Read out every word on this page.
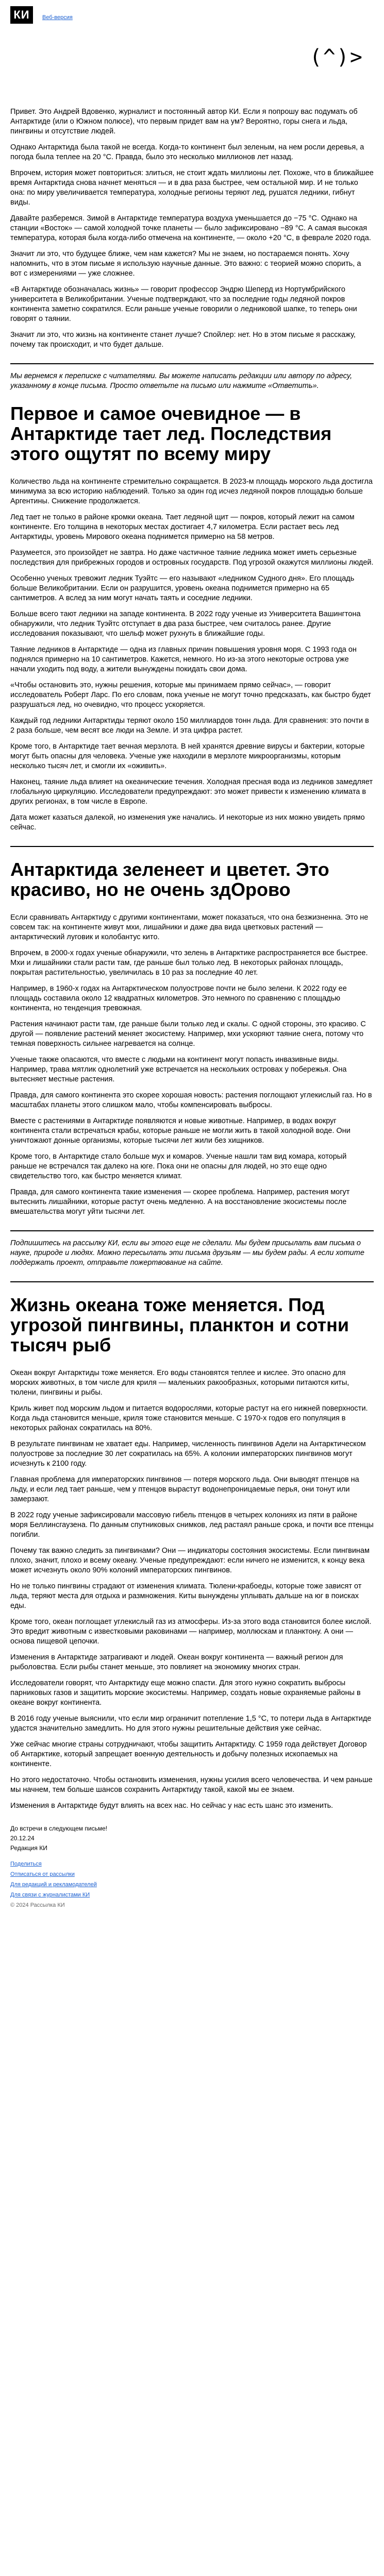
КИ	Веб-версия
(^)>

Привет. Это Андрей Вдовенко, журналист и постоянный автор КИ. Если я попрошу вас подумать об Антарктиде (или о Южном полюсе), что первым придет вам на ум? Вероятно, горы снега и льда, пингвины и отсутствие людей.

Однако Антарктида была такой не всегда. Когда-то континент был зеленым, на нем росли деревья, а погода была теплее на 20 °С. Правда, было это несколько миллионов лет назад.

Впрочем, история может повториться: злиться, не стоит ждать миллионы лет. Похоже, что в ближайшее время Антарктида снова начнет меняться — и в два раза быстрее, чем остальной мир. И не только она: по миру увеличивается температура, холодные регионы теряют лед, рушатся ледники, гибнут виды.

Давайте разберемся. Зимой в Антарктиде температура воздуха уменьшается до −75 °С. Однако на станции «Восток» — самой холодной точке планеты — было зафиксировано −89 °С. А самая высокая температура, которая была когда-либо отмечена на континенте, — около +20 °С, в феврале 2020 года.

Значит ли это, что будущее ближе, чем нам кажется? Мы не знаем, но постараемся понять. Хочу напомнить, что в этом письме я использую научные данные. Это важно: с теорией можно спорить, а вот с измерениями — уже сложнее.

«В Антарктиде обозначалась жизнь» — говорит профессор Эндрю Шеперд из Нортумбрийского университета в Великобритании. Ученые подтверждают, что за последние годы ледяной покров континента заметно сократился. Если раньше ученые говорили о ледниковой шапке, то теперь они говорят о таянии.

Значит ли это, что жизнь на континенте станет лучше? Спойлер: нет. Но в этом письме я расскажу, почему так происходит, и что будет дальше.

Мы вернемся к переписке с читателями. Вы можете написать редакции или автору по адресу, указанному в конце письма. Просто ответьте на письмо или нажмите «Ответить».

Первое и самое очевидное — в Антарктиде тает лед. Последствия этого ощутят по всему миру

Количество льда на континенте стремительно сокращается. В 2023-м площадь морского льда достигла минимума за всю историю наблюдений. Только за один год исчез ледяной покров площадью больше Аргентины. Снижение продолжается.

Лед тает не только в районе кромки океана. Тает ледяной щит — покров, который лежит на самом континенте. Его толщина в некоторых местах достигает 4,7 километра. Если растает весь лед Антарктиды, уровень Мирового океана поднимется примерно на 58 метров.

Разумеется, это произойдет не завтра. Но даже частичное таяние ледника может иметь серьезные последствия для прибрежных городов и островных государств. Под угрозой окажутся миллионы людей.

Особенно ученых тревожит ледник Туэйтс — его называют «ледником Судного дня». Его площадь больше Великобритании. Если он разрушится, уровень океана поднимется примерно на 65 сантиметров. А вслед за ним могут начать таять и соседние ледники.

Больше всего тают ледники на западе континента. В 2022 году ученые из Университета Вашингтона обнаружили, что ледник Туэйтс отступает в два раза быстрее, чем считалось ранее. Другие исследования показывают, что шельф может рухнуть в ближайшие годы.

Таяние ледников в Антарктиде — одна из главных причин повышения уровня моря. С 1993 года он поднялся примерно на 10 сантиметров. Кажется, немного. Но из-за этого некоторые острова уже начали уходить под воду, а жители вынуждены покидать свои дома.

«Чтобы остановить это, нужны решения, которые мы принимаем прямо сейчас», — говорит исследователь Роберт Ларс. По его словам, пока ученые не могут точно предсказать, как быстро будет разрушаться лед, но очевидно, что процесс ускоряется.

Каждый год ледники Антарктиды теряют около 150 миллиардов тонн льда. Для сравнения: это почти в 2 раза больше, чем весят все люди на Земле. И эта цифра растет.

Кроме того, в Антарктиде тает вечная мерзлота. В ней хранятся древние вирусы и бактерии, которые могут быть опасны для человека. Ученые уже находили в мерзлоте микроорганизмы, которым несколько тысяч лет, и смогли их «оживить».

Наконец, таяние льда влияет на океанические течения. Холодная пресная вода из ледников замедляет глобальную циркуляцию. Исследователи предупреждают: это может привести к изменению климата в других регионах, в том числе в Европе.

Дата может казаться далекой, но изменения уже начались. И некоторые из них можно увидеть прямо сейчас.

Антарктида зеленеет и цветет. Это красиво, но не очень здОрово

Если сравнивать Антарктиду с другими континентами, может показаться, что она безжизненна. Это не совсем так: на континенте живут мхи, лишайники и даже два вида цветковых растений — антарктический луговик и колобантус кито.

Впрочем, в 2000-х годах ученые обнаружили, что зелень в Антарктике распространяется все быстрее. Мхи и лишайники стали расти там, где раньше был только лед. В некоторых районах площадь, покрытая растительностью, увеличилась в 10 раз за последние 40 лет.

Например, в 1960-х годах на Антарктическом полуострове почти не было зелени. К 2022 году ее площадь составила около 12 квадратных километров. Это немного по сравнению с площадью континента, но тенденция тревожная.

Растения начинают расти там, где раньше были только лед и скалы. С одной стороны, это красиво. С другой — появление растений меняет экосистему. Например, мхи ускоряют таяние снега, потому что темная поверхность сильнее нагревается на солнце.

Ученые также опасаются, что вместе с людьми на континент могут попасть инвазивные виды. Например, трава мятлик однолетний уже встречается на нескольких островах у побережья. Она вытесняет местные растения.

Правда, для самого континента это скорее хорошая новость: растения поглощают углекислый газ. Но в масштабах планеты этого слишком мало, чтобы компенсировать выбросы.

Вместе с растениями в Антарктиде появляются и новые животные. Например, в водах вокруг континента стали встречаться крабы, которые раньше не могли жить в такой холодной воде. Они уничтожают донные организмы, которые тысячи лет жили без хищников.

Кроме того, в Антарктиде стало больше мух и комаров. Ученые нашли там вид комара, который раньше не встречался так далеко на юге. Пока они не опасны для людей, но это еще одно свидетельство того, как быстро меняется климат.

Правда, для самого континента такие изменения — скорее проблема. Например, растения могут вытеснить лишайники, которые растут очень медленно. А на восстановление экосистемы после вмешательства могут уйти тысячи лет.

Подпишитесь на рассылку КИ, если вы этого еще не сделали. Мы будем присылать вам письма о науке, природе и людях. Можно пересылать эти письма друзьям — мы будем рады. А если хотите поддержать проект, отправьте пожертвование на сайте.

Жизнь океана тоже меняется. Под угрозой пингвины, планктон и сотни тысяч рыб

Океан вокруг Антарктиды тоже меняется. Его воды становятся теплее и кислее. Это опасно для морских животных, в том числе для криля — маленьких ракообразных, которыми питаются киты, тюлени, пингвины и рыбы.

Криль живет под морским льдом и питается водорослями, которые растут на его нижней поверхности. Когда льда становится меньше, криля тоже становится меньше. С 1970-х годов его популяция в некоторых районах сократилась на 80%.

В результате пингвинам не хватает еды. Например, численность пингвинов Адели на Антарктическом полуострове за последние 30 лет сократилась на 65%. А колонии императорских пингвинов могут исчезнуть к 2100 году.

Главная проблема для императорских пингвинов — потеря морского льда. Они выводят птенцов на льду, и если лед тает раньше, чем у птенцов вырастут водонепроницаемые перья, они тонут или замерзают.

В 2022 году ученые зафиксировали массовую гибель птенцов в четырех колониях из пяти в районе моря Беллинсгаузена. По данным спутниковых снимков, лед растаял раньше срока, и почти все птенцы погибли.

Почему так важно следить за пингвинами? Они — индикаторы состояния экосистемы. Если пингвинам плохо, значит, плохо и всему океану. Ученые предупреждают: если ничего не изменится, к концу века может исчезнуть около 90% колоний императорских пингвинов.

Но не только пингвины страдают от изменения климата. Тюлени-крабоеды, которые тоже зависят от льда, теряют места для отдыха и размножения. Киты вынуждены уплывать дальше на юг в поисках еды.

Кроме того, океан поглощает углекислый газ из атмосферы. Из-за этого вода становится более кислой. Это вредит животным с известковыми раковинами — например, моллюскам и планктону. А они — основа пищевой цепочки.

Изменения в Антарктиде затрагивают и людей. Океан вокруг континента — важный регион для рыболовства. Если рыбы станет меньше, это повлияет на экономику многих стран.

Исследователи говорят, что Антарктиду еще можно спасти. Для этого нужно сократить выбросы парниковых газов и защитить морские экосистемы. Например, создать новые охраняемые районы в океане вокруг континента.

В 2016 году ученые выяснили, что если мир ограничит потепление 1,5 °С, то потери льда в Антарктиде удастся значительно замедлить. Но для этого нужны решительные действия уже сейчас.

Уже сейчас многие страны сотрудничают, чтобы защитить Антарктиду. С 1959 года действует Договор об Антарктике, который запрещает военную деятельность и добычу полезных ископаемых на континенте.

Но этого недостаточно. Чтобы остановить изменения, нужны усилия всего человечества. И чем раньше мы начнем, тем больше шансов сохранить Антарктиду такой, какой мы ее знаем.

Изменения в Антарктиде будут влиять на всех нас. Но сейчас у нас есть шанс это изменить.

До встречи в следующем письме!
20.12.24
Редакция КИ
Поделиться
Отписаться от рассылки
Для редакций и рекламодателей
Для связи с журналистами КИ
© 2024 Рассылка КИ
